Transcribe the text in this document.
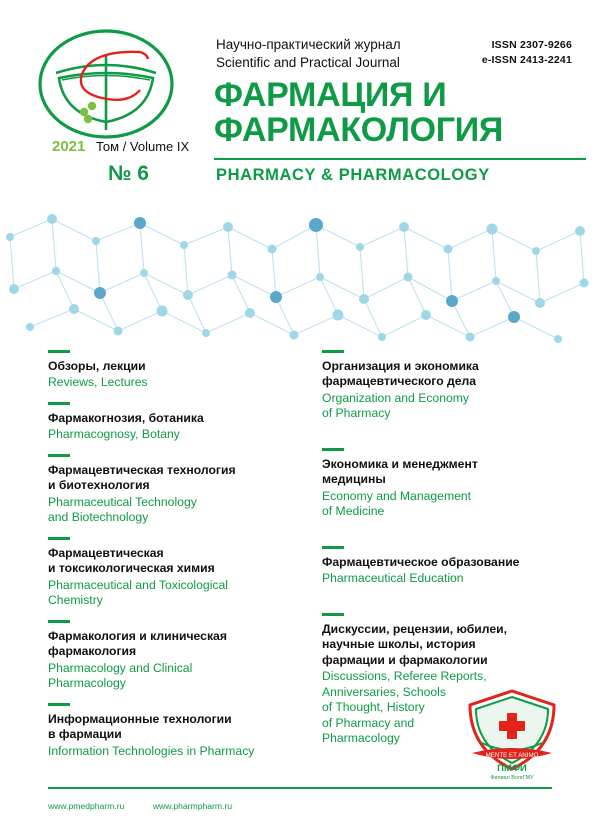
ISSN 2307-9266
e-ISSN 2413-2241
Научно-практический журнал
Scientific and Practical Journal
ФАРМАЦИЯ И
ФАРМАКОЛОГИЯ
PHARMACY & PHARMACOLOGY
2021 Том / Volume IX
№ 6
Обзоры, лекции
Reviews, Lectures
Фармакогнозия, ботаника
Pharmacognosy, Botany
Фармацевтическая технология
и биотехнология
Pharmaceutical Technology
and Biotechnology
Фармацевтическая
и токсикологическая химия
Pharmaceutical and Toxicological
Chemistry
Фармакология и клиническая
фармакология
Pharmacology and Clinical
Pharmacology
Информационные технологии
в фармации
Information Technologies in Pharmacy
Организация и экономика
фармацевтического дела
Organization and Economy
of Pharmacy
Экономика и менеджмент
медицины
Economy and Management
of Medicine
Фармацевтическое образование
Pharmaceutical Education
Дискуссии, рецензии, юбилеи,
научные школы, история
фармации и фармакологии
Discussions, Referee Reports,
Anniversaries, Schools
of Thought, History
of Pharmacy and
Pharmacology
MENTE ET ANIMO
ПМФИ
Филиал ВолгГМУ
www.pmedpharm.ru	www.pharmpharm.ru
